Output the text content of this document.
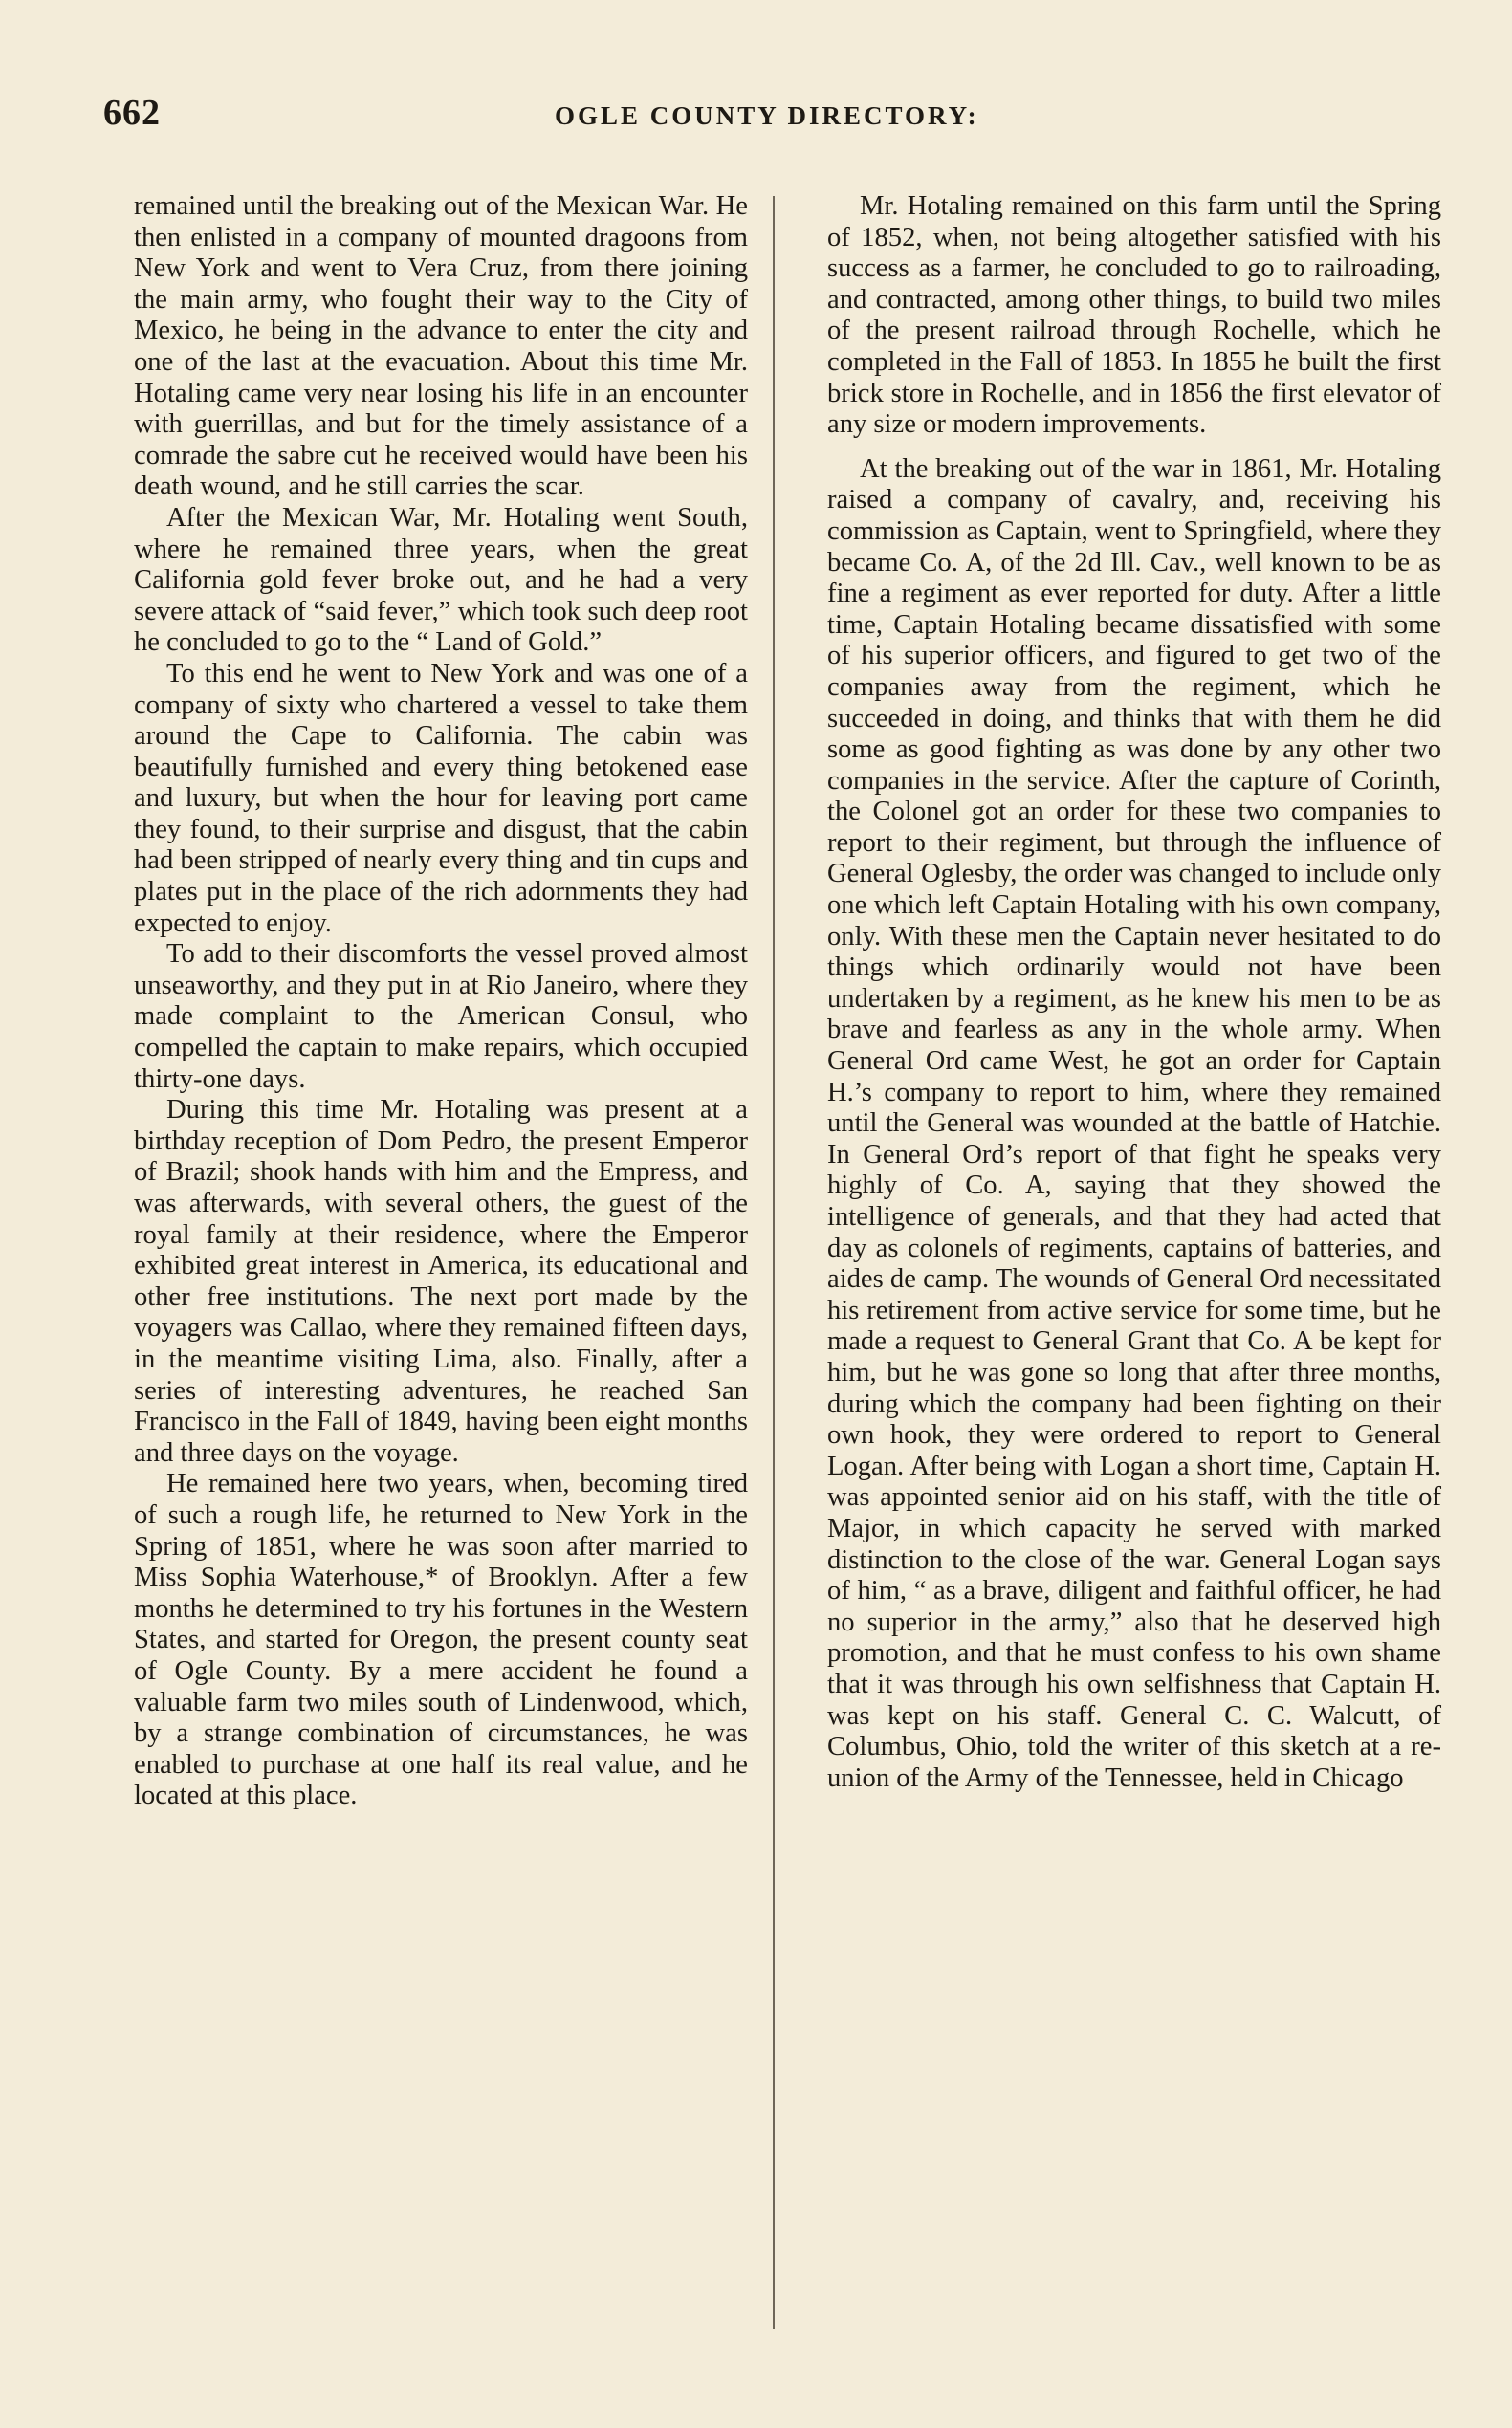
662	OGLE COUNTY DIRECTORY:

remained until the breaking out of the Mexican War. He then enlisted in a company of mounted dragoons from New York and went to Vera Cruz, from there joining the main army, who fought their way to the City of Mexico, he being in the advance to enter the city and one of the last at the evacuation. About this time Mr. Hotaling came very near losing his life in an encounter with guerrillas, and but for the timely assistance of a comrade the sabre cut he received would have been his death wound, and he still carries the scar.

After the Mexican War, Mr. Hotaling went South, where he remained three years, when the great California gold fever broke out, and he had a very severe attack of “said fever,” which took such deep root he concluded to go to the “ Land of Gold.”

To this end he went to New York and was one of a company of sixty who chartered a vessel to take them around the Cape to California. The cabin was beautifully furnished and every thing betokened ease and luxury, but when the hour for leaving port came they found, to their surprise and disgust, that the cabin had been stripped of nearly every thing and tin cups and plates put in the place of the rich adornments they had expected to enjoy.

To add to their discomforts the vessel proved almost unseaworthy, and they put in at Rio Janeiro, where they made complaint to the American Consul, who compelled the captain to make repairs, which occupied thirty-one days.

During this time Mr. Hotaling was present at a birthday reception of Dom Pedro, the present Emperor of Brazil; shook hands with him and the Empress, and was afterwards, with several others, the guest of the royal family at their residence, where the Emperor exhibited great interest in America, its educational and other free institutions. The next port made by the voyagers was Callao, where they remained fifteen days, in the meantime visiting Lima, also. Finally, after a series of interesting adventures, he reached San Francisco in the Fall of 1849, having been eight months and three days on the voyage.

He remained here two years, when, becoming tired of such a rough life, he returned to New York in the Spring of 1851, where he was soon after married to Miss Sophia Waterhouse,* of Brooklyn. After a few months he determined to try his fortunes in the Western States, and started for Oregon, the present county seat of Ogle County. By a mere accident he found a valuable farm two miles south of Lindenwood, which, by a strange combination of circumstances, he was enabled to purchase at one half its real value, and he located at this place.

Mr. Hotaling remained on this farm until the Spring of 1852, when, not being altogether satisfied with his success as a farmer, he concluded to go to railroading, and contracted, among other things, to build two miles of the present railroad through Rochelle, which he completed in the Fall of 1853. In 1855 he built the first brick store in Rochelle, and in 1856 the first elevator of any size or modern improvements.

At the breaking out of the war in 1861, Mr. Hotaling raised a company of cavalry, and, receiving his commission as Captain, went to Springfield, where they became Co. A, of the 2d Ill. Cav., well known to be as fine a regiment as ever reported for duty. After a little time, Captain Hotaling became dissatisfied with some of his superior officers, and figured to get two of the companies away from the regiment, which he succeeded in doing, and thinks that with them he did some as good fighting as was done by any other two companies in the service. After the capture of Corinth, the Colonel got an order for these two companies to report to their regiment, but through the influence of General Oglesby, the order was changed to include only one which left Captain Hotaling with his own company, only. With these men the Captain never hesitated to do things which ordinarily would not have been undertaken by a regiment, as he knew his men to be as brave and fearless as any in the whole army. When General Ord came West, he got an order for Captain H.’s company to report to him, where they remained until the General was wounded at the battle of Hatchie. In General Ord’s report of that fight he speaks very highly of Co. A, saying that they showed the intelligence of generals, and that they had acted that day as colonels of regiments, captains of batteries, and aides de camp. The wounds of General Ord necessitated his retirement from active service for some time, but he made a request to General Grant that Co. A be kept for him, but he was gone so long that after three months, during which the company had been fighting on their own hook, they were ordered to report to General Logan. After being with Logan a short time, Captain H. was appointed senior aid on his staff, with the title of Major, in which capacity he served with marked distinction to the close of the war. General Logan says of him, “ as a brave, diligent and faithful officer, he had no superior in the army,” also that he deserved high promotion, and that he must confess to his own shame that it was through his own selfishness that Captain H. was kept on his staff. General C. C. Walcutt, of Columbus, Ohio, told the writer of this sketch at a re-union of the Army of the Tennessee, held in Chicago
